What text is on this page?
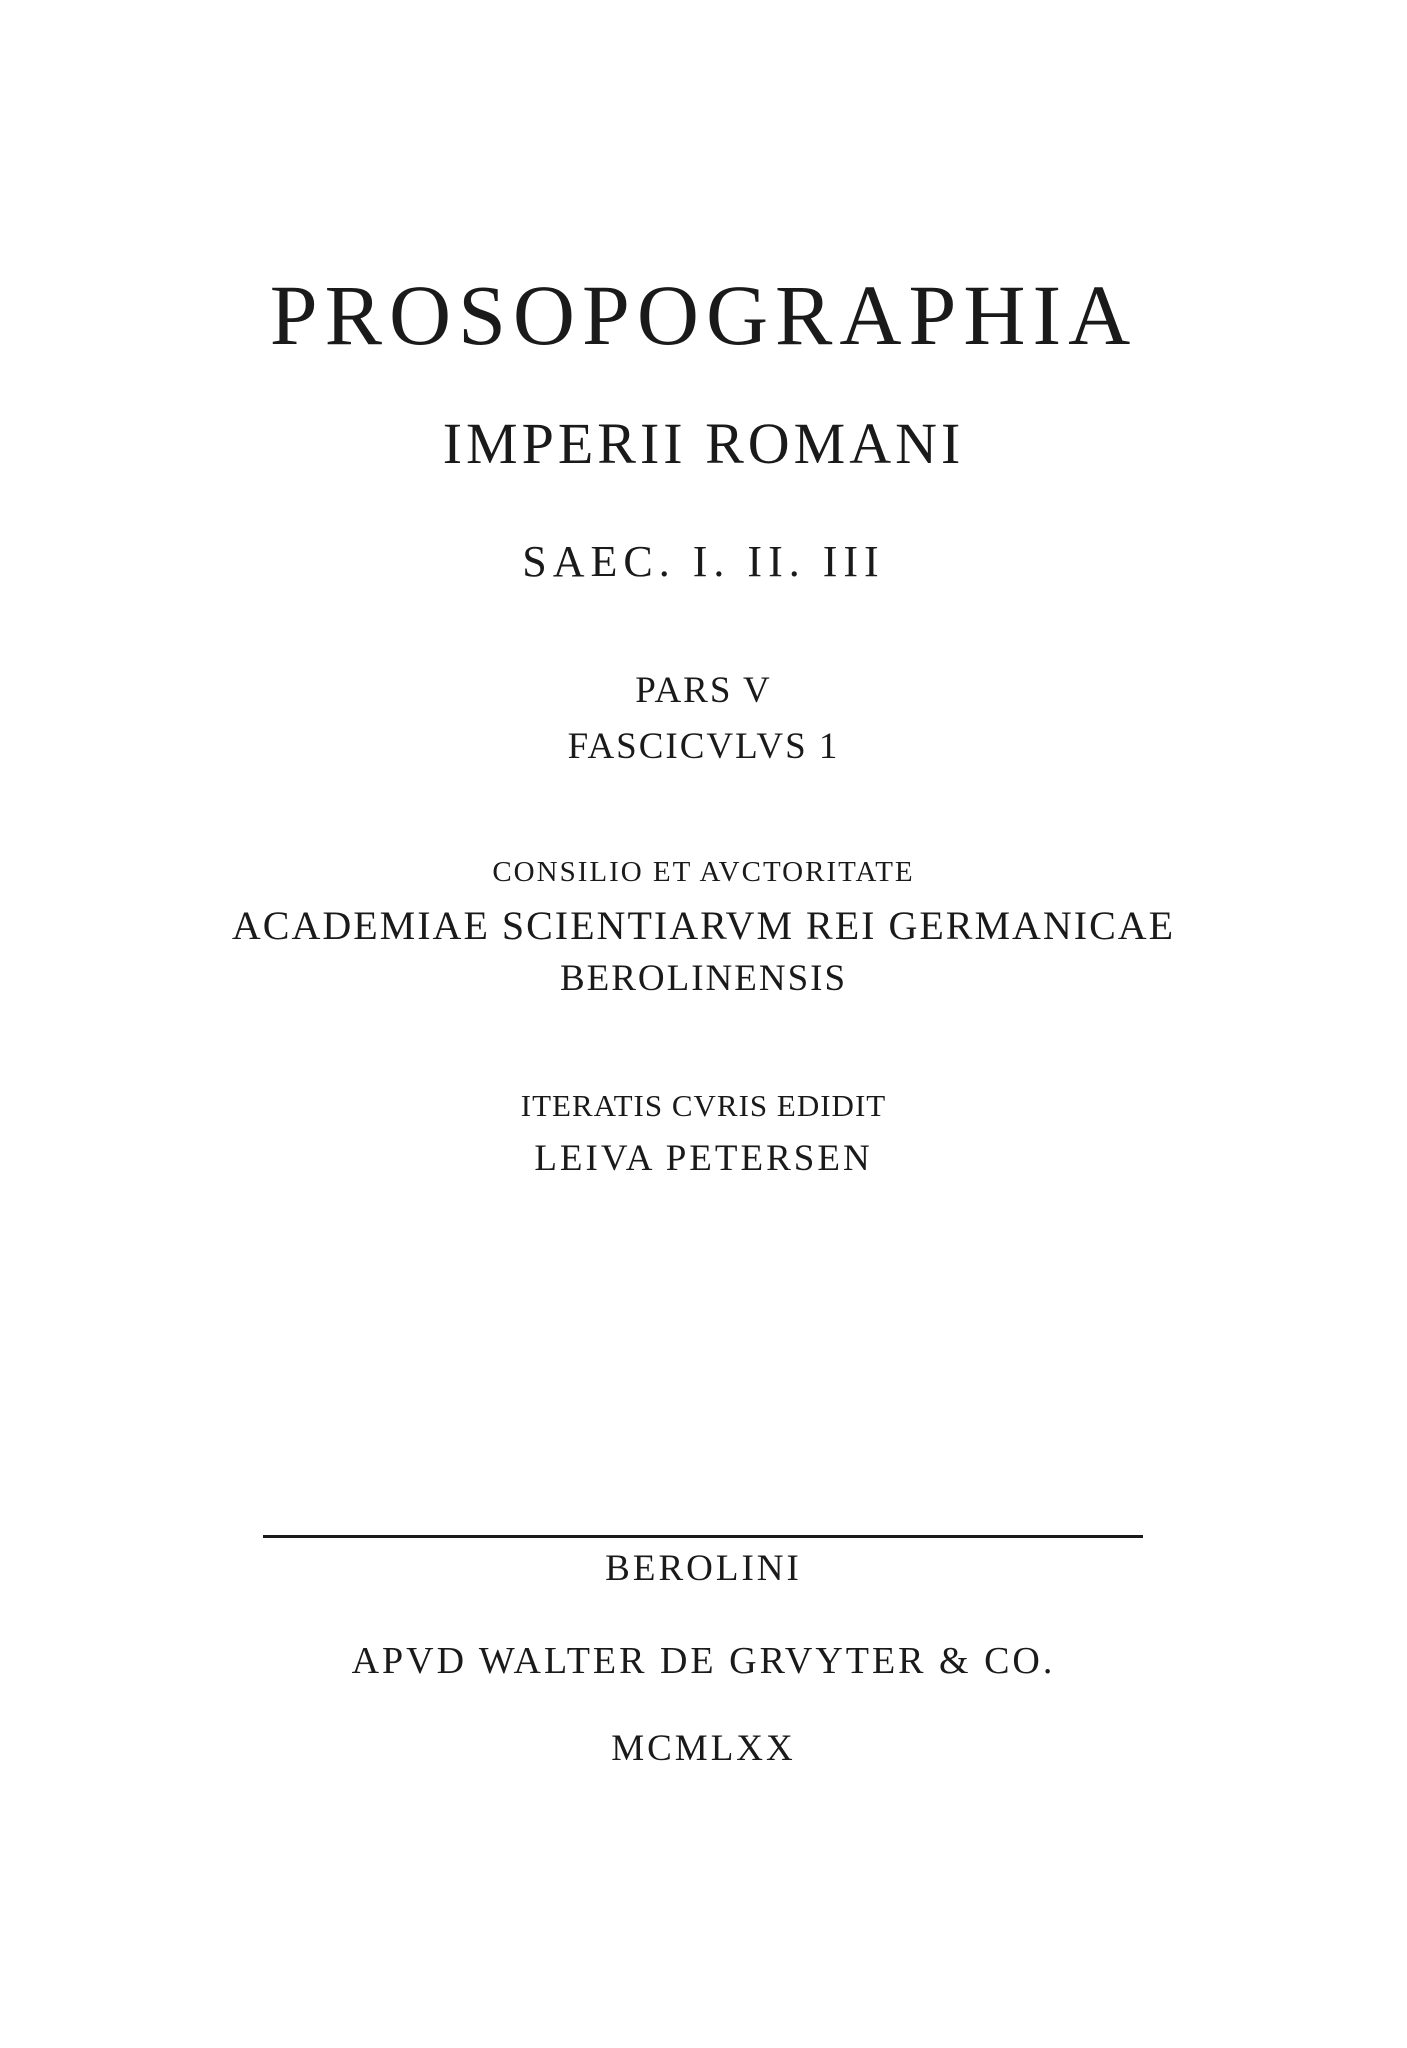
PROSOPOGRAPHIA
IMPERII ROMANI
SAEC. I. II. III
PARS V
FASCICVLVS 1
CONSILIO ET AVCTORITATE
ACADEMIAE SCIENTIARVM REI GERMANICAE
BEROLINENSIS
ITERATIS CVRIS EDIDIT
LEIVA PETERSEN
BEROLINI
APVD WALTER DE GRVYTER & CO.
MCMLXX
